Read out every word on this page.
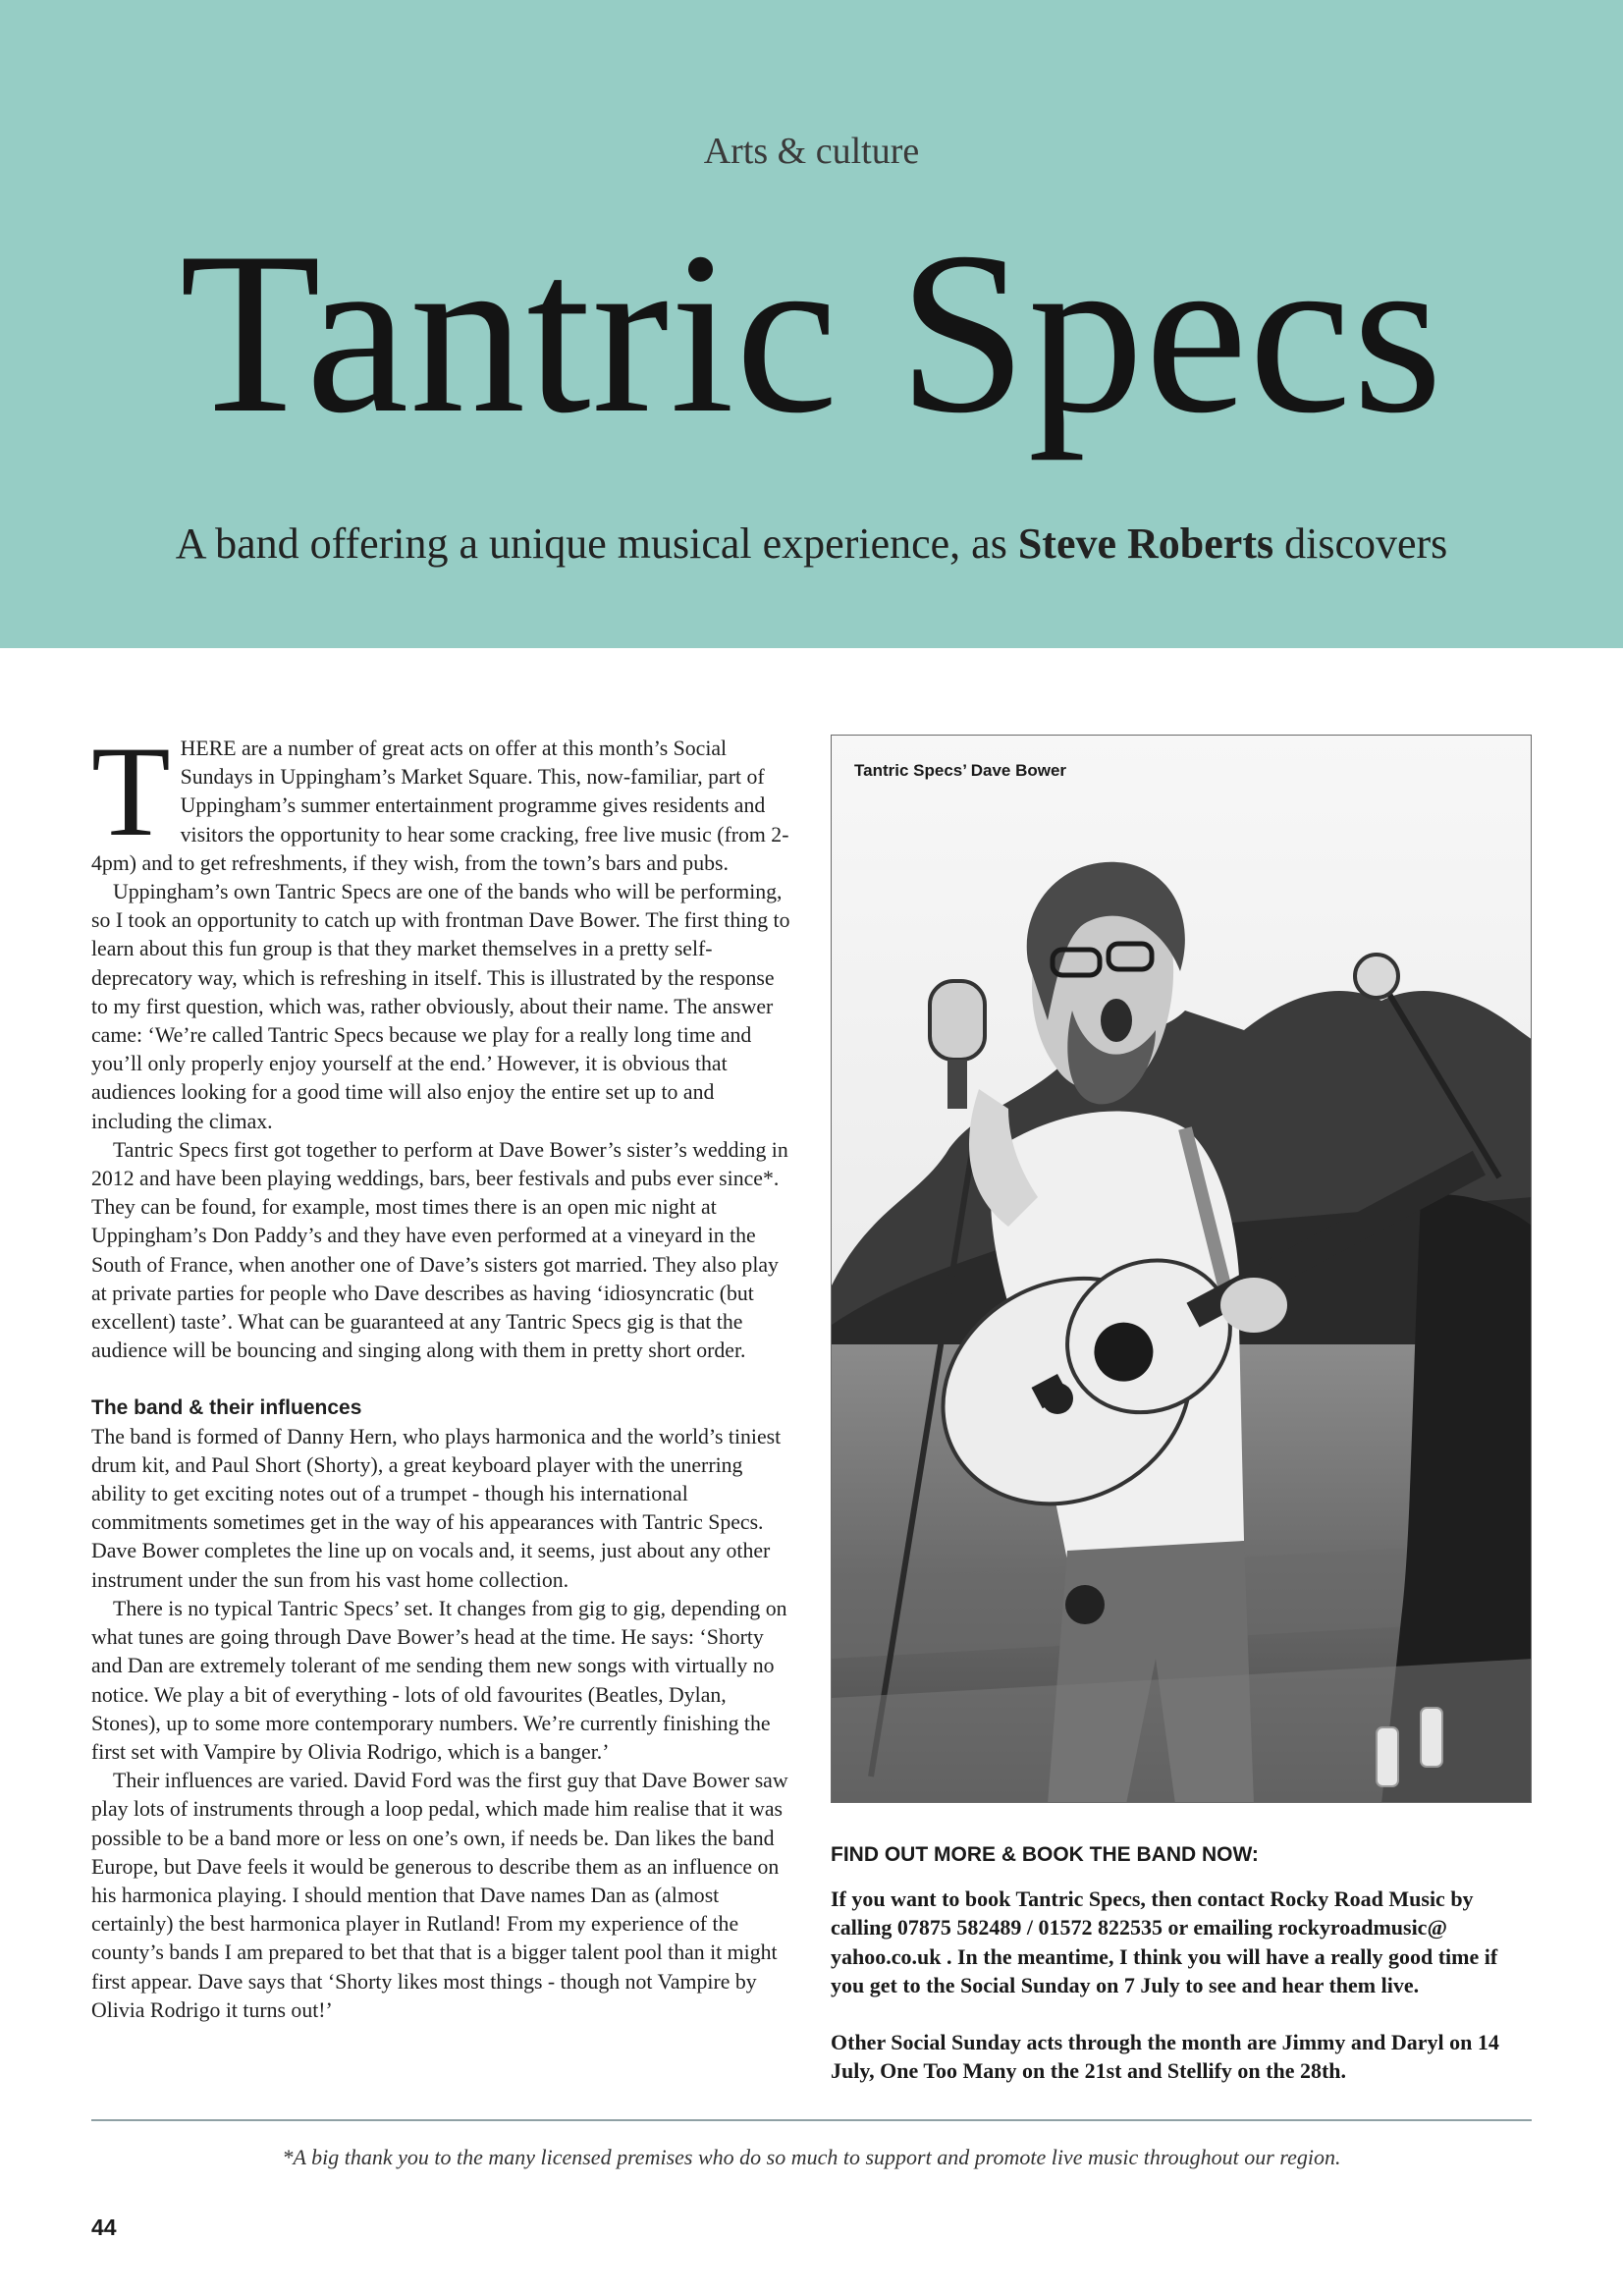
Arts & culture
Tantric Specs
A band offering a unique musical experience, as Steve Roberts discovers

THERE are a number of great acts on offer at this month’s Social Sundays in Uppingham’s Market Square. This, now-familiar, part of Uppingham’s summer entertainment programme gives residents and visitors the opportunity to hear some cracking, free live music (from 2-4pm) and to get refreshments, if they wish, from the town’s bars and pubs.

Uppingham’s own Tantric Specs are one of the bands who will be performing, so I took an opportunity to catch up with frontman Dave Bower. The first thing to learn about this fun group is that they market themselves in a pretty self-deprecatory way, which is refreshing in itself. This is illustrated by the response to my first question, which was, rather obviously, about their name. The answer came: ‘We’re called Tantric Specs because we play for a really long time and you’ll only properly enjoy yourself at the end.’ However, it is obvious that audiences looking for a good time will also enjoy the entire set up to and including the climax.

Tantric Specs first got together to perform at Dave Bower’s sister’s wedding in 2012 and have been playing weddings, bars, beer festivals and pubs ever since*. They can be found, for example, most times there is an open mic night at Uppingham’s Don Paddy’s and they have even performed at a vineyard in the South of France, when another one of Dave’s sisters got married. They also play at private parties for people who Dave describes as having ‘idiosyncratic (but excellent) taste’. What can be guaranteed at any Tantric Specs gig is that the audience will be bouncing and singing along with them in pretty short order.

The band & their influences

The band is formed of Danny Hern, who plays harmonica and the world’s tiniest drum kit, and Paul Short (Shorty), a great keyboard player with the unerring ability to get exciting notes out of a trumpet - though his international commitments sometimes get in the way of his appearances with Tantric Specs. Dave Bower completes the line up on vocals and, it seems, just about any other instrument under the sun from his vast home collection.

There is no typical Tantric Specs’ set. It changes from gig to gig, depending on what tunes are going through Dave Bower’s head at the time. He says: ‘Shorty and Dan are extremely tolerant of me sending them new songs with virtually no notice. We play a bit of everything - lots of old favourites (Beatles, Dylan, Stones), up to some more contemporary numbers. We’re currently finishing the first set with Vampire by Olivia Rodrigo, which is a banger.’

Their influences are varied. David Ford was the first guy that Dave Bower saw play lots of instruments through a loop pedal, which made him realise that it was possible to be a band more or less on one’s own, if needs be. Dan likes the band Europe, but Dave feels it would be generous to describe them as an influence on his harmonica playing. I should mention that Dave names Dan as (almost certainly) the best harmonica player in Rutland! From my experience of the county’s bands I am prepared to bet that that is a bigger talent pool than it might first appear. Dave says that ‘Shorty likes most things - though not Vampire by Olivia Rodrigo it turns out!’

Tantric Specs’ Dave Bower
FIND OUT MORE & BOOK THE BAND NOW:

If you want to book Tantric Specs, then contact Rocky Road Music by calling 07875 582489 / 01572 822535 or emailing rockyroadmusic@ yahoo.co.uk . In the meantime, I think you will have a really good time if you get to the Social Sunday on 7 July to see and hear them live.

Other Social Sunday acts through the month are Jimmy and Daryl on 14 July, One Too Many on the 21st and Stellify on the 28th.

*A big thank you to the many licensed premises who do so much to support and promote live music throughout our region.
44
